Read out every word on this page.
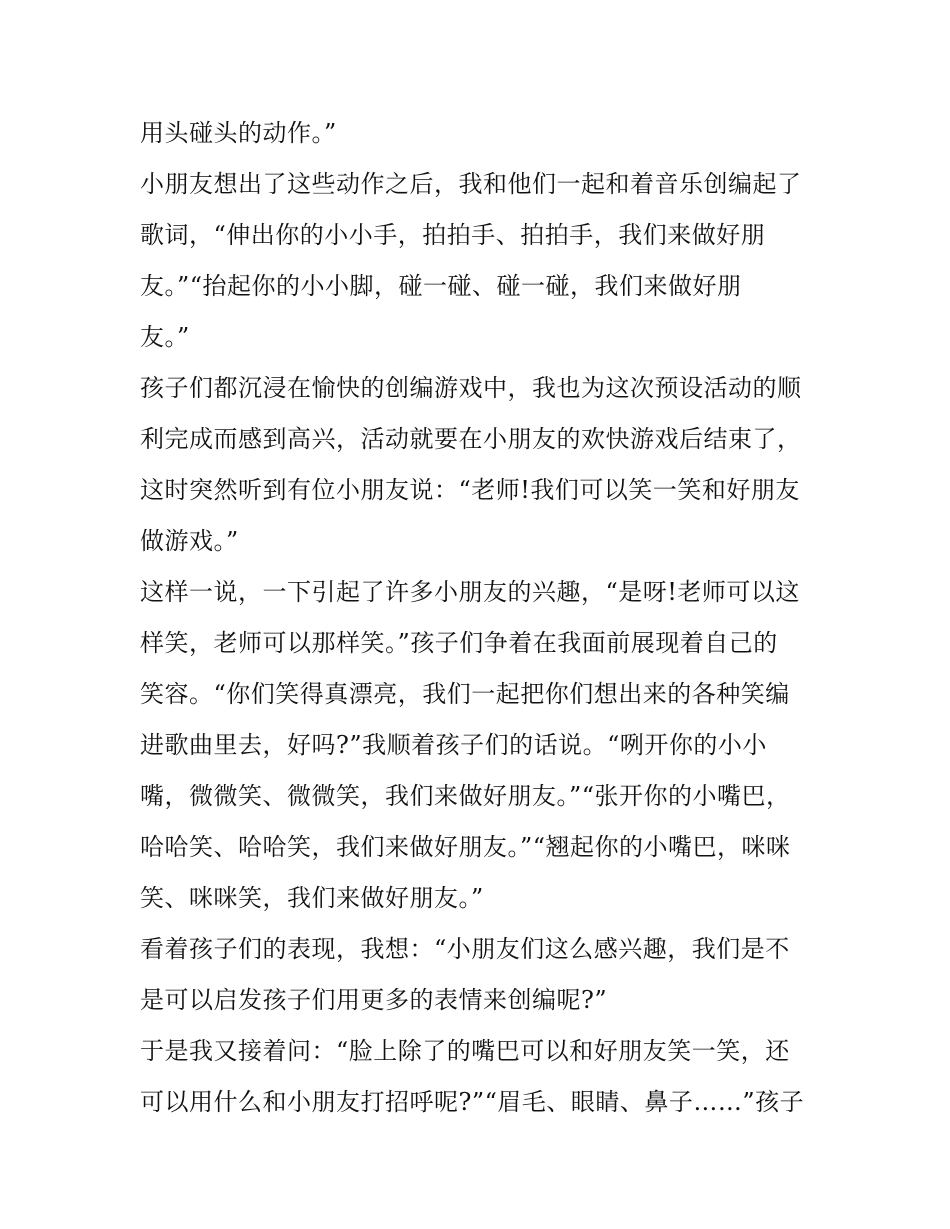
用头碰头的动作。”
小朋友想出了这些动作之后，我和他们一起和着音乐创编起了
歌词，“伸出你的小小手，拍拍手、拍拍手，我们来做好朋
友。”“抬起你的小小脚，碰一碰、碰一碰，我们来做好朋
友。”
孩子们都沉浸在愉快的创编游戏中，我也为这次预设活动的顺
利完成而感到高兴，活动就要在小朋友的欢快游戏后结束了，
这时突然听到有位小朋友说：“老师!我们可以笑一笑和好朋友
做游戏。”
这样一说，一下引起了许多小朋友的兴趣，“是呀!老师可以这
样笑，老师可以那样笑。”孩子们争着在我面前展现着自己的
笑容。“你们笑得真漂亮，我们一起把你们想出来的各种笑编
进歌曲里去，好吗?”我顺着孩子们的话说。“咧开你的小小
嘴，微微笑、微微笑，我们来做好朋友。”“张开你的小嘴巴，
哈哈笑、哈哈笑，我们来做好朋友。”“翘起你的小嘴巴，咪咪
笑、咪咪笑，我们来做好朋友。”
看着孩子们的表现，我想：“小朋友们这么感兴趣，我们是不
是可以启发孩子们用更多的表情来创编呢?”
于是我又接着问：“脸上除了的嘴巴可以和好朋友笑一笑，还
可以用什么和小朋友打招呼呢?”“眉毛、眼睛、鼻子……”孩子
